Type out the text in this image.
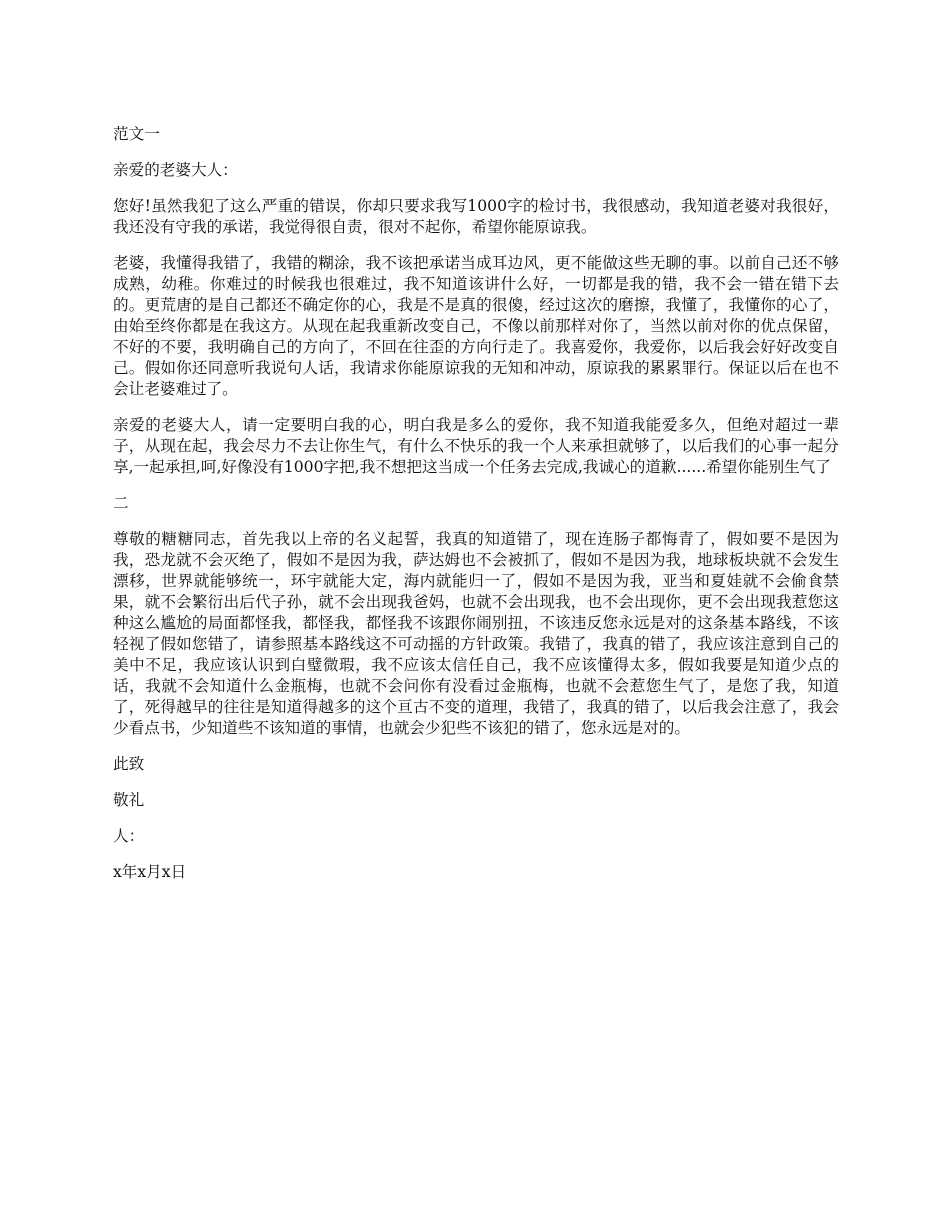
范文一

亲爱的老婆大人：

您好!虽然我犯了这么严重的错误，你却只要求我写1000字的检讨书，我很感动，我知道老婆对我很好，我还没有守我的承诺，我觉得很自责，很对不起你，希望你能原谅我。

老婆，我懂得我错了，我错的糊涂，我不该把承诺当成耳边风，更不能做这些无聊的事。以前自己还不够成熟，幼稚。你难过的时候我也很难过，我不知道该讲什么好，一切都是我的错，我不会一错在错下去的。更荒唐的是自己都还不确定你的心，我是不是真的很傻，经过这次的磨擦，我懂了，我懂你的心了，由始至终你都是在我这方。从现在起我重新改变自己，不像以前那样对你了，当然以前对你的优点保留，不好的不要，我明确自己的方向了，不回在往歪的方向行走了。我喜爱你，我爱你，以后我会好好改变自己。假如你还同意听我说句人话，我请求你能原谅我的无知和冲动，原谅我的累累罪行。保证以后在也不会让老婆难过了。

亲爱的老婆大人，请一定要明白我的心，明白我是多么的爱你，我不知道我能爱多久，但绝对超过一辈子，从现在起，我会尽力不去让你生气，有什么不快乐的我一个人来承担就够了，以后我们的心事一起分享,一起承担,呵,好像没有1000字把,我不想把这当成一个任务去完成,我诚心的道歉......希望你能别生气了

二

尊敬的糖糖同志，首先我以上帝的名义起誓，我真的知道错了，现在连肠子都悔青了，假如要不是因为我，恐龙就不会灭绝了，假如不是因为我，萨达姆也不会被抓了，假如不是因为我，地球板块就不会发生漂移，世界就能够统一，环宇就能大定，海内就能归一了，假如不是因为我，亚当和夏娃就不会偷食禁果，就不会繁衍出后代子孙，就不会出现我爸妈，也就不会出现我，也不会出现你，更不会出现我惹您这种这么尴尬的局面都怪我，都怪我，都怪我不该跟你闹别扭，不该违反您永远是对的这条基本路线，不该轻视了假如您错了，请参照基本路线这不可动摇的方针政策。我错了，我真的错了，我应该注意到自己的美中不足，我应该认识到白璧微瑕，我不应该太信任自己，我不应该懂得太多，假如我要是知道少点的话，我就不会知道什么金瓶梅，也就不会问你有没看过金瓶梅，也就不会惹您生气了，是您了我，知道了，死得越早的往往是知道得越多的这个亘古不变的道理，我错了，我真的错了，以后我会注意了，我会少看点书，少知道些不该知道的事情，也就会少犯些不该犯的错了，您永远是对的。

此致

敬礼

人：

x年x月x日
